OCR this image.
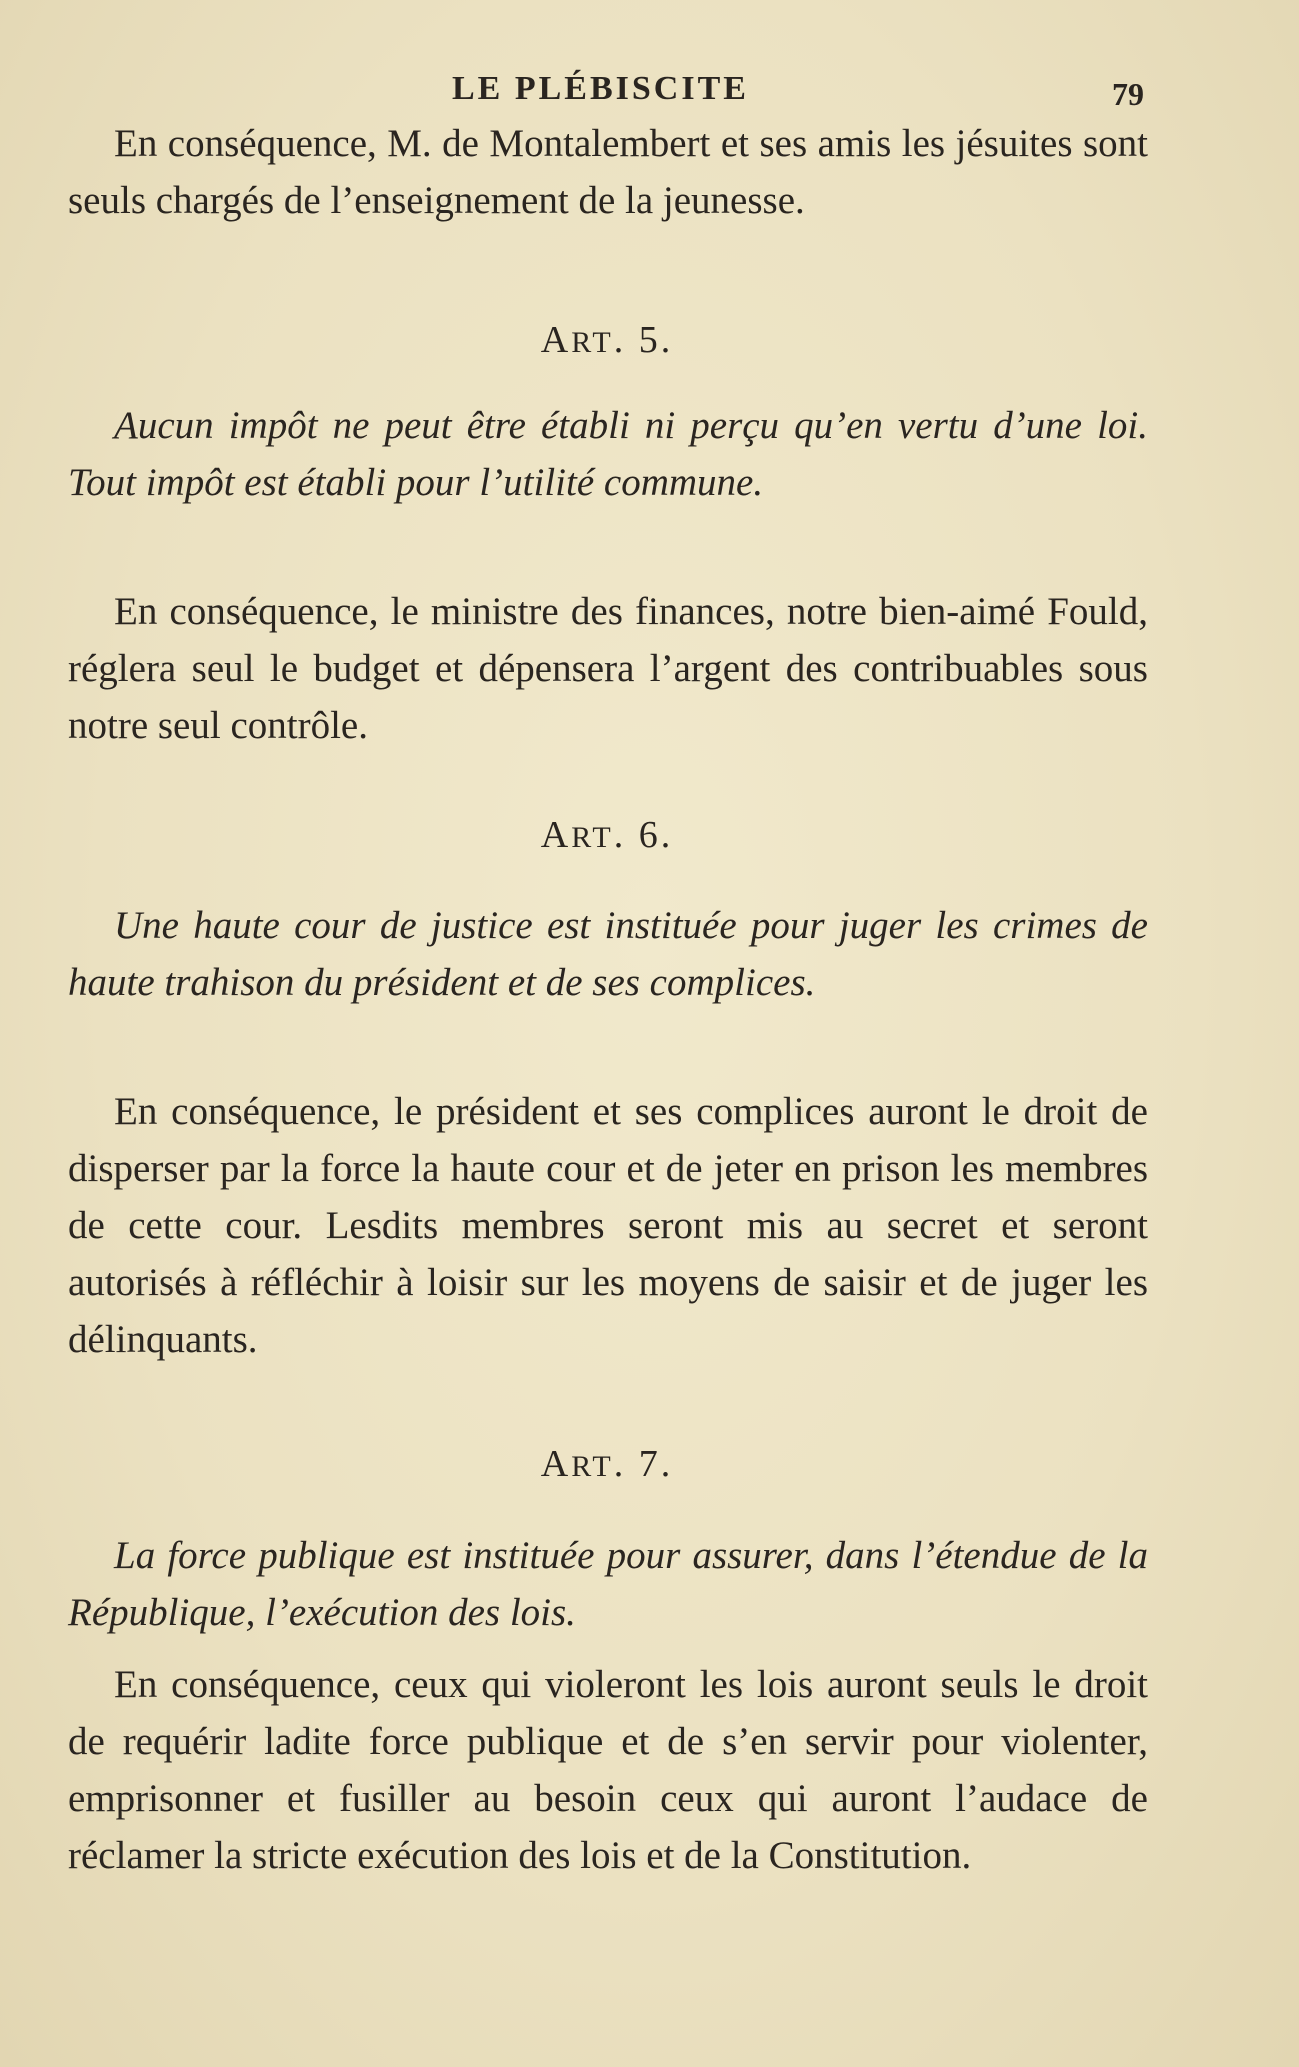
LE PLÉBISCITE	79

En conséquence, M. de Montalembert et ses amis les jésuites sont seuls chargés de l’enseignement de la jeunesse.

ART. 5.

Aucun impôt ne peut être établi ni perçu qu’en vertu d’une loi. Tout impôt est établi pour l’utilité commune.

En conséquence, le ministre des finances, notre bien-aimé Fould, réglera seul le budget et dépensera l’argent des contribuables sous notre seul contrôle.

ART. 6.

Une haute cour de justice est instituée pour juger les crimes de haute trahison du président et de ses complices.

En conséquence, le président et ses complices auront le droit de disperser par la force la haute cour et de jeter en prison les membres de cette cour. Lesdits membres seront mis au secret et seront autorisés à réfléchir à loisir sur les moyens de saisir et de juger les délinquants.

ART. 7.

La force publique est instituée pour assurer, dans l’étendue de la République, l’exécution des lois.

En conséquence, ceux qui violeront les lois auront seuls le droit de requérir ladite force publique et de s’en servir pour violenter, emprisonner et fusiller au besoin ceux qui auront l’audace de réclamer la stricte exécution des lois et de la Constitution.
